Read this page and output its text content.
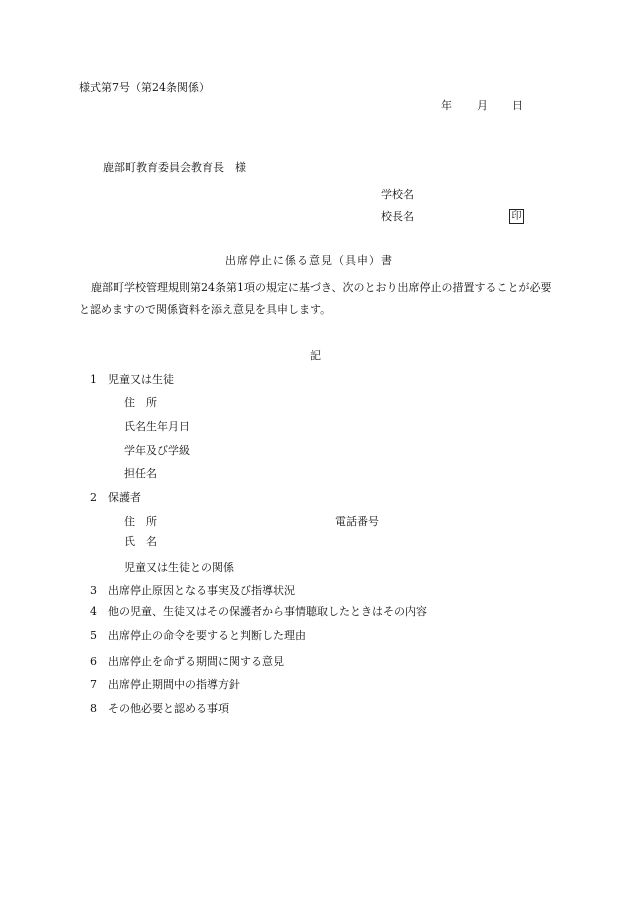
様式第7号（第24条関係）
年 月 日
鹿部町教育委員会教育長　様
学校名
校長名	印
出席停止に係る意見（具申）書
鹿部町学校管理規則第24条第1項の規定に基づき、次のとおり出席停止の措置することが必要と認めますので関係資料を添え意見を具申します。
記
1 児童又は生徒
住　所
氏名生年月日
学年及び学級
担任名
2 保護者
住　所	電話番号
氏　名
児童又は生徒との関係
3 出席停止原因となる事実及び指導状況
4 他の児童、生徒又はその保護者から事情聴取したときはその内容
5 出席停止の命令を要すると判断した理由
6 出席停止を命ずる期間に関する意見
7 出席停止期間中の指導方針
8 その他必要と認める事項
